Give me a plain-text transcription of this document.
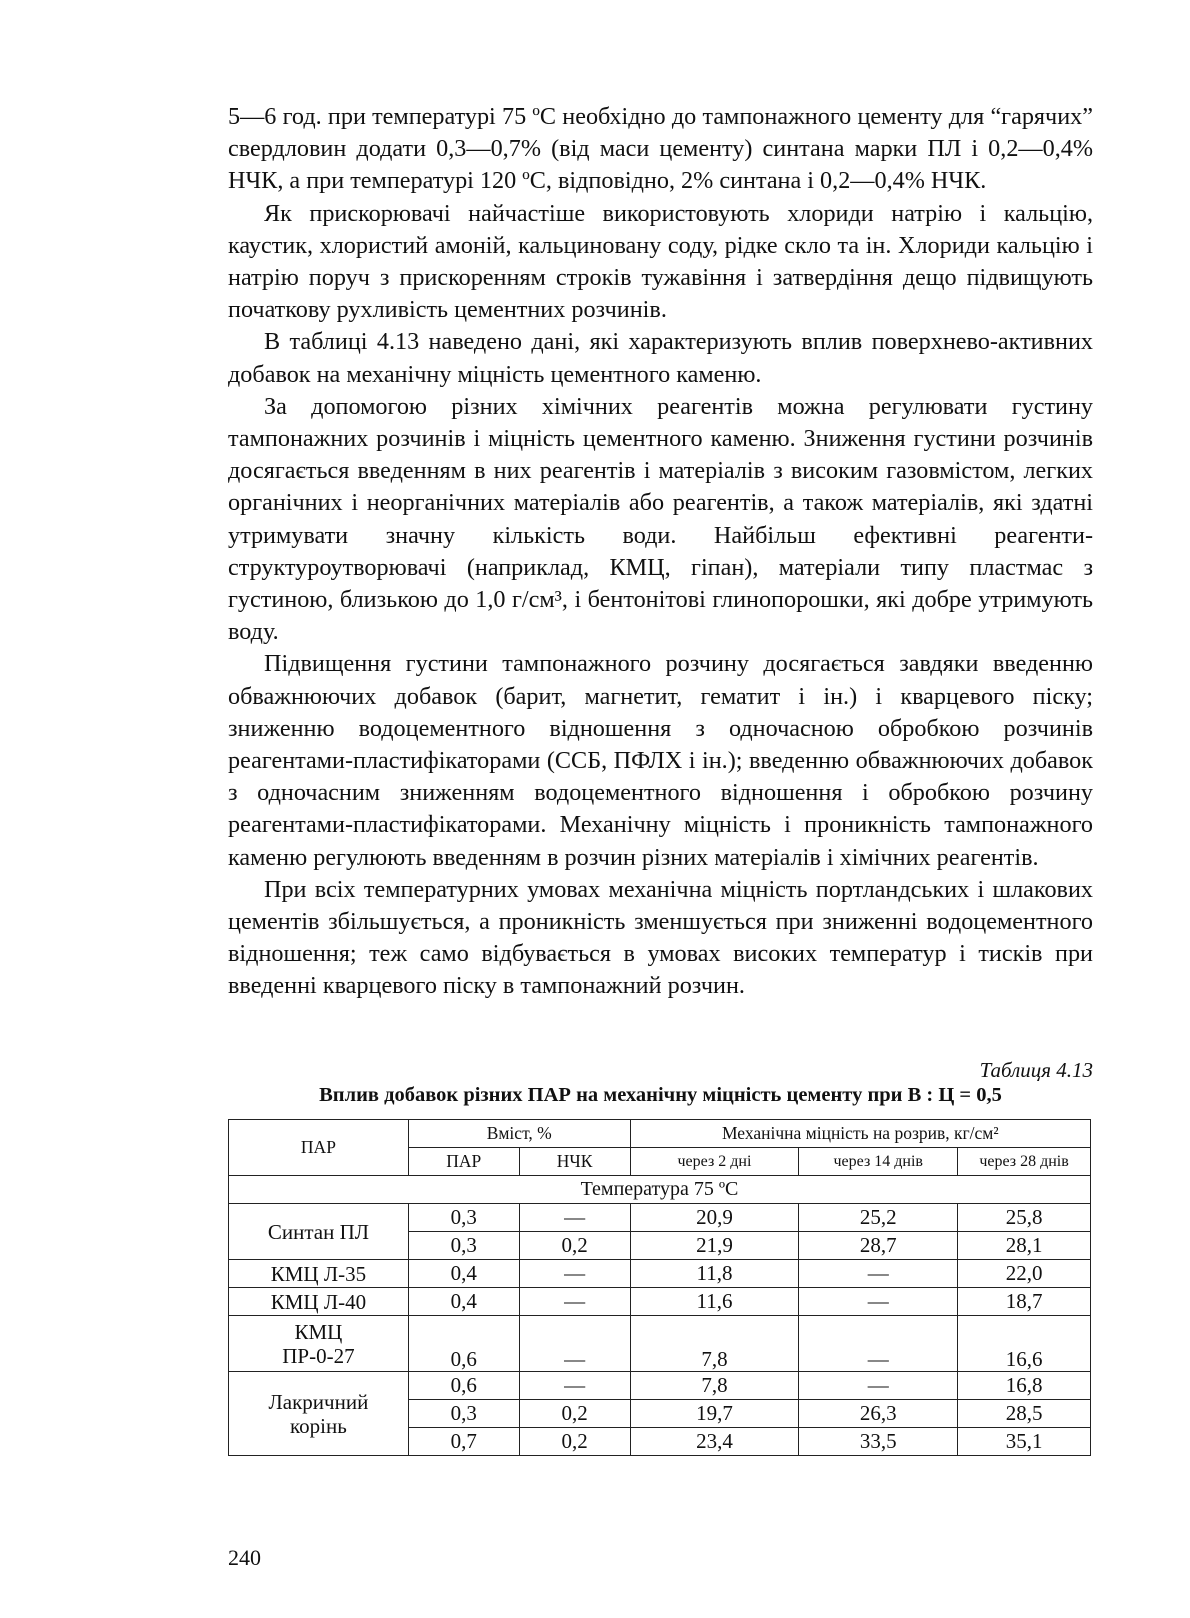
5—6 год. при температурі 75 ºС необхідно до тампонажного цементу для “гарячих” свердловин додати 0,3—0,7% (від маси цементу) синтана марки ПЛ і 0,2—0,4% НЧК, а при температурі 120 ºС, відповідно, 2% синтана і 0,2—0,4% НЧК.

Як прискорювачі найчастіше використовують хлориди натрію і кальцію, каустик, хлористий амоній, кальциновану соду, рідке скло та ін. Хлориди кальцію і натрію поруч з прискоренням строків тужавіння і затвердіння дещо підвищують початкову рухливість цементних розчинів.

В таблиці 4.13 наведено дані, які характеризують вплив поверхнево-активних добавок на механічну міцність цементного каменю.

За допомогою різних хімічних реагентів можна регулювати густину тампонажних розчинів і міцність цементного каменю. Зниження густини розчинів досягається введенням в них реагентів і матеріалів з високим газовмістом, легких органічних і неорганічних матеріалів або реагентів, а також матеріалів, які здатні утримувати значну кількість води. Найбільш ефективні реагенти-структуроутворювачі (наприклад, КМЦ, гіпан), матеріали типу пластмас з густиною, близькою до 1,0 г/см³, і бентонітові глинопорошки, які добре утримують воду.

Підвищення густини тампонажного розчину досягається завдяки введенню обважнюючих добавок (барит, магнетит, гематит і ін.) і кварцевого піску; зниженню водоцементного відношення з одночасною обробкою розчинів реагентами-пластифікаторами (ССБ, ПФЛХ і ін.); введенню обважнюючих добавок з одночасним зниженням водоцементного відношення і обробкою розчину реагентами-пластифікаторами. Механічну міцність і проникність тампонажного каменю регулюють введенням в розчин різних матеріалів і хімічних реагентів.

При всіх температурних умовах механічна міцність портландських і шлакових цементів збільшується, а проникність зменшується при зниженні водоцементного відношення; теж само відбувається в умовах високих температур і тисків при введенні кварцевого піску в тампонажний розчин.

Таблиця 4.13
Вплив добавок різних ПАР на механічну міцність цементу при В : Ц = 0,5
ПАР	Вміст, %		Механічна міцність на розрив, кг/см²		
	ПАР	НЧК	через 2 дні	через 14 днів	через 28 днів
Температура 75 ºС					
Синтан ПЛ	0,3	—	20,9	25,2	25,8
	0,3	0,2	21,9	28,7	28,1
КМЦ Л-35	0,4	—	11,8	—	22,0
КМЦ Л-40	0,4	—	11,6	—	18,7

КМЦ
ПР-0-27	0,6	—	7,8	—	16,6

Лакричний
корінь	0,6	—	7,8	—	16,8
	0,3	0,2	19,7	26,3	28,5
	0,7	0,2	23,4	33,5	35,1
240
